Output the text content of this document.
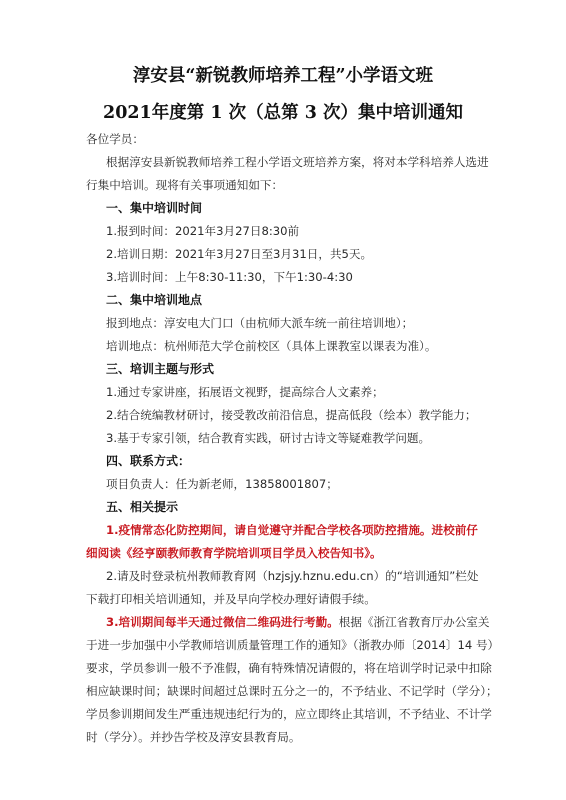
淳安县“新锐教师培养工程”小学语文班
2021年度第 1 次（总第 3 次）集中培训通知
各位学员：
根据淳安县新锐教师培养工程小学语文班培养方案，将对本学科培养人选进
行集中培训。现将有关事项通知如下：
一、集中培训时间
1.报到时间：2021年3月27日8:30前
2.培训日期：2021年3月27日至3月31日，共5天。
3.培训时间：上午8:30-11:30，下午1:30-4:30
二、集中培训地点
报到地点：淳安电大门口（由杭师大派车统一前往培训地）；
培训地点：杭州师范大学仓前校区（具体上课教室以课表为准）。
三、培训主题与形式
1.通过专家讲座，拓展语文视野，提高综合人文素养；
2.结合统编教材研讨，接受教改前沿信息，提高低段（绘本）教学能力；
3.基于专家引领，结合教育实践，研讨古诗文等疑难教学问题。
四、联系方式：
项目负责人：任为新老师，13858001807；
五、相关提示
1.疫情常态化防控期间，请自觉遵守并配合学校各项防控措施。进校前仔
细阅读《经亨颐教师教育学院培训项目学员入校告知书》。
2.请及时登录杭州教师教育网（hzjsjy.hznu.edu.cn）的“培训通知”栏处
下载打印相关培训通知，并及早向学校办理好请假手续。
3.培训期间每半天通过微信二维码进行考勤。根据《浙江省教育厅办公室关
于进一步加强中小学教师培训质量管理工作的通知》（浙教办师〔2014〕14 号）
要求，学员参训一般不予准假，确有特殊情况请假的，将在培训学时记录中扣除
相应缺课时间；缺课时间超过总课时五分之一的，不予结业、不记学时（学分）；
学员参训期间发生严重违规违纪行为的，应立即终止其培训，不予结业、不计学
时（学分）。并抄告学校及淳安县教育局。
